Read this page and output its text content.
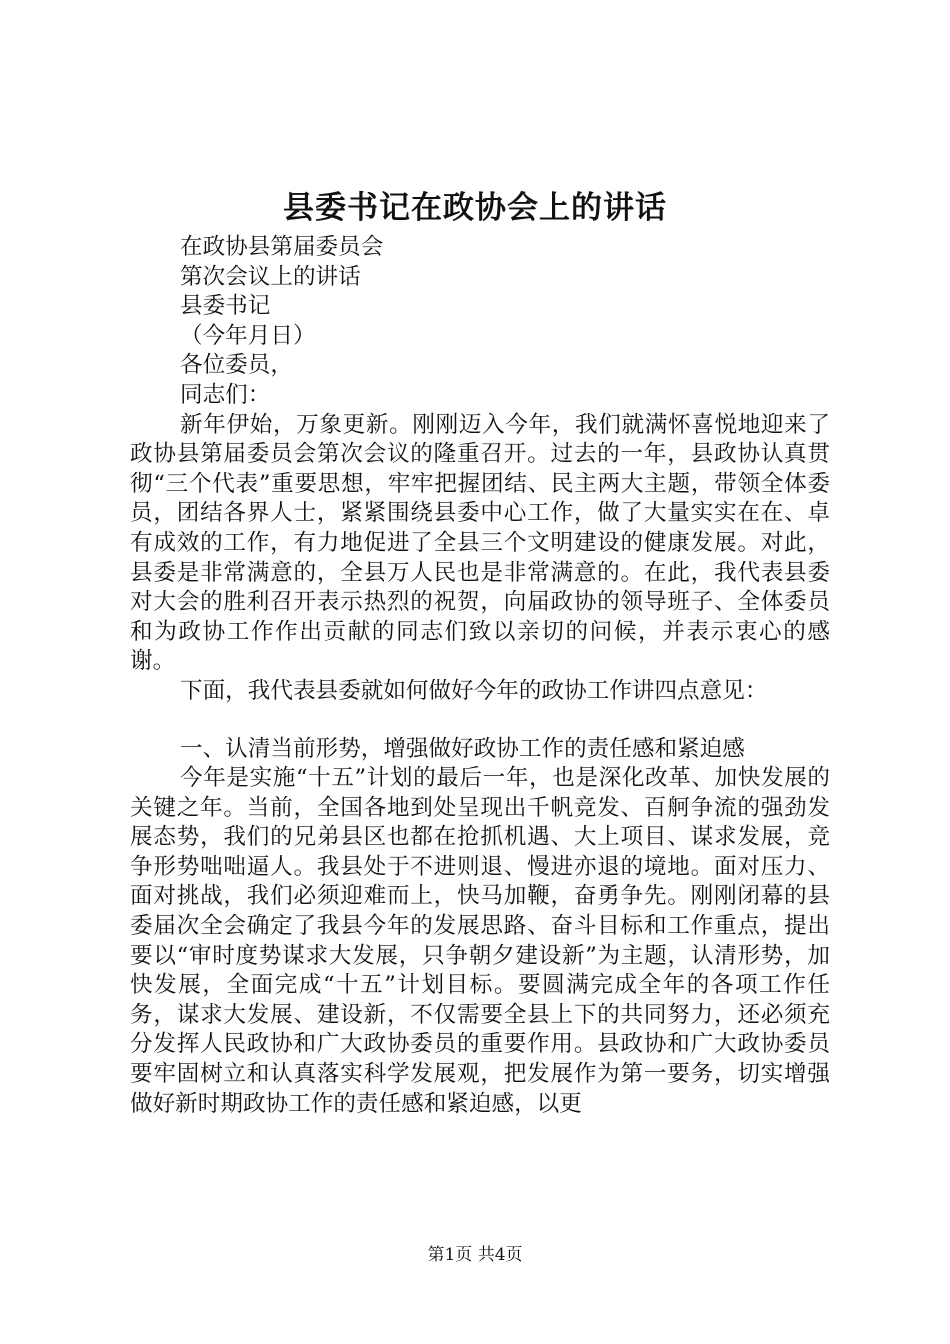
县委书记在政协会上的讲话

在政协县第届委员会

第次会议上的讲话

县委书记

（今年月日）

各位委员，

同志们：

新年伊始，万象更新。刚刚迈入今年，我们就满怀喜悦地迎来了政协县第届委员会第次会议的隆重召开。过去的一年，县政协认真贯彻“三个代表”重要思想，牢牢把握团结、民主两大主题，带领全体委员，团结各界人士，紧紧围绕县委中心工作，做了大量实实在在、卓有成效的工作，有力地促进了全县三个文明建设的健康发展。对此，县委是非常满意的，全县万人民也是非常满意的。在此，我代表县委对大会的胜利召开表示热烈的祝贺，向届政协的领导班子、全体委员和为政协工作作出贡献的同志们致以亲切的问候，并表示衷心的感谢。

下面，我代表县委就如何做好今年的政协工作讲四点意见：

一、认清当前形势，增强做好政协工作的责任感和紧迫感

今年是实施“十五”计划的最后一年，也是深化改革、加快发展的关键之年。当前，全国各地到处呈现出千帆竞发、百舸争流的强劲发展态势，我们的兄弟县区也都在抢抓机遇、大上项目、谋求发展，竞争形势咄咄逼人。我县处于不进则退、慢进亦退的境地。面对压力、面对挑战，我们必须迎难而上，快马加鞭，奋勇争先。刚刚闭幕的县委届次全会确定了我县今年的发展思路、奋斗目标和工作重点，提出要以“审时度势谋求大发展，只争朝夕建设新”为主题，认清形势，加快发展，全面完成“十五”计划目标。要圆满完成全年的各项工作任务，谋求大发展、建设新，不仅需要全县上下的共同努力，还必须充分发挥人民政协和广大政协委员的重要作用。县政协和广大政协委员要牢固树立和认真落实科学发展观，把发展作为第一要务，切实增强做好新时期政协工作的责任感和紧迫感，以更

第1页 共4页
